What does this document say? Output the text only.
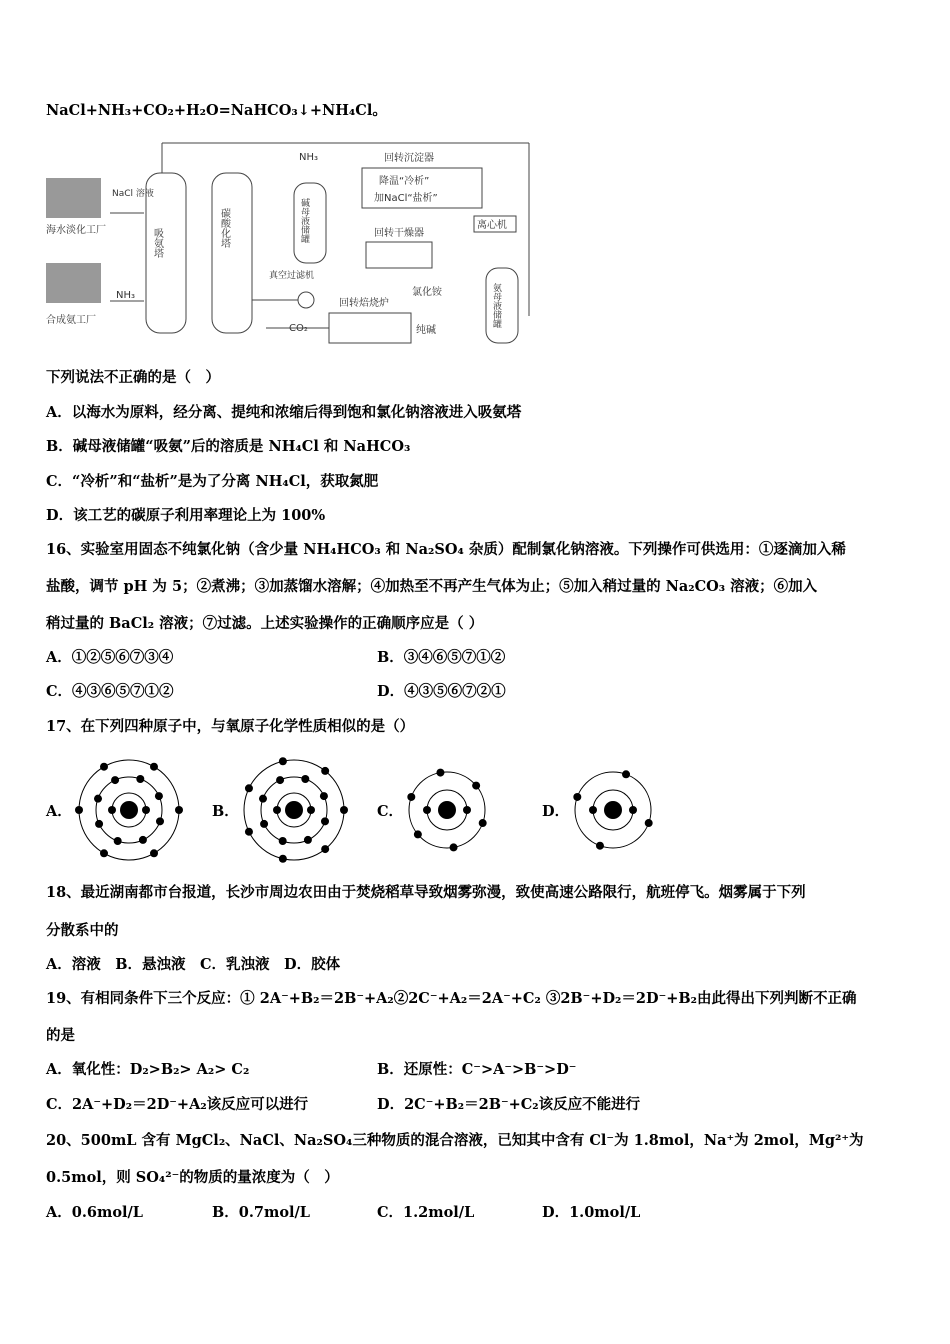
NaCl+NH₃+CO₂+H₂O=NaHCO₃↓+NH₄Cl。
海水淡化工厂
合成氨工厂
NaCl 溶液
NH₃
吸氨塔	碳酸化塔
NH₃
碱母液储罐
真空过滤机
回转沉淀器
降温“冷析”
加NaCl“盐析”
离心机
回转干燥器
氯化铵
回转焙烧炉
CO₂	纯碱
氨母液储罐
下列说法不正确的是（　）
A．以海水为原料，经分离、提纯和浓缩后得到饱和氯化钠溶液进入吸氨塔
B．碱母液储罐“吸氨”后的溶质是 NH₄Cl 和 NaHCO₃
C．“冷析”和“盐析”是为了分离 NH₄Cl，获取氮肥
D．该工艺的碳原子利用率理论上为 100%
16、实验室用固态不纯氯化钠（含少量 NH₄HCO₃ 和 Na₂SO₄ 杂质）配制氯化钠溶液。下列操作可供选用：①逐滴加入稀
盐酸，调节 pH 为 5；②煮沸；③加蒸馏水溶解；④加热至不再产生气体为止；⑤加入稍过量的 Na₂CO₃ 溶液；⑥加入
稍过量的 BaCl₂ 溶液；⑦过滤。上述实验操作的正确顺序应是（ ）
A．①②⑤⑥⑦③④	B．③④⑥⑤⑦①②
C．④③⑥⑤⑦①②	D．④③⑤⑥⑦②①
17、在下列四种原子中，与氧原子化学性质相似的是（）
A．	B．	C．	D．
18、最近湖南都市台报道，长沙市周边农田由于焚烧稻草导致烟雾弥漫，致使高速公路限行，航班停飞。烟雾属于下列
分散系中的
A．溶液　B．悬浊液　C．乳浊液　D．胶体
19、有相同条件下三个反应：① 2A⁻+B₂＝2B⁻+A₂②2C⁻+A₂＝2A⁻+C₂ ③2B⁻+D₂＝2D⁻+B₂由此得出下列判断不正确
的是
A．氧化性：D₂>B₂> A₂> C₂	B．还原性：C⁻>A⁻>B⁻>D⁻
C．2A⁻+D₂＝2D⁻+A₂该反应可以进行	D．2C⁻+B₂＝2B⁻+C₂该反应不能进行
20、500mL 含有 MgCl₂、NaCl、Na₂SO₄三种物质的混合溶液，已知其中含有 Cl⁻为 1.8mol，Na⁺为 2mol，Mg²⁺为
0.5mol，则 SO₄²⁻的物质的量浓度为（　）
A．0.6mol/L	B．0.7mol/L	C．1.2mol/L	D．1.0mol/L
